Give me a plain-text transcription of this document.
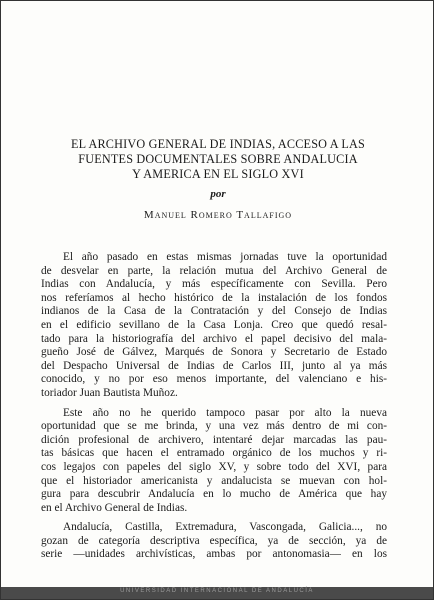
EL ARCHIVO GENERAL DE INDIAS, ACCESO A LAS
FUENTES DOCUMENTALES SOBRE ANDALUCIA
Y AMERICA EN EL SIGLO XVI
por
Manuel Romero Tallafigo
El año pasado en estas mismas jornadas tuve la oportunidad
de desvelar en parte, la relación mutua del Archivo General de
Indias con Andalucía, y más específicamente con Sevilla. Pero
nos referíamos al hecho histórico de la instalación de los fondos
indianos de la Casa de la Contratación y del Consejo de Indias
en el edificio sevillano de la Casa Lonja. Creo que quedó resal-
tado para la historiografía del archivo el papel decisivo del mala-
gueño José de Gálvez, Marqués de Sonora y Secretario de Estado
del Despacho Universal de Indias de Carlos III, junto al ya más
conocido, y no por eso menos importante, del valenciano e his-
toriador Juan Bautista Muñoz.
Este año no he querido tampoco pasar por alto la nueva
oportunidad que se me brinda, y una vez más dentro de mi con-
dición profesional de archivero, intentaré dejar marcadas las pau-
tas básicas que hacen el entramado orgánico de los muchos y ri-
cos legajos con papeles del siglo XV, y sobre todo del XVI, para
que el historiador americanista y andalucista se muevan con hol-
gura para descubrir Andalucía en lo mucho de América que hay
en el Archivo General de Indias.
Andalucía, Castilla, Extremadura, Vascongada, Galicia..., no
gozan de categoría descriptiva específica, ya de sección, ya de
serie —unidades archivísticas, ambas por antonomasia— en los
UNIVERSIDAD INTERNACIONAL DE ANDALUCÍA
